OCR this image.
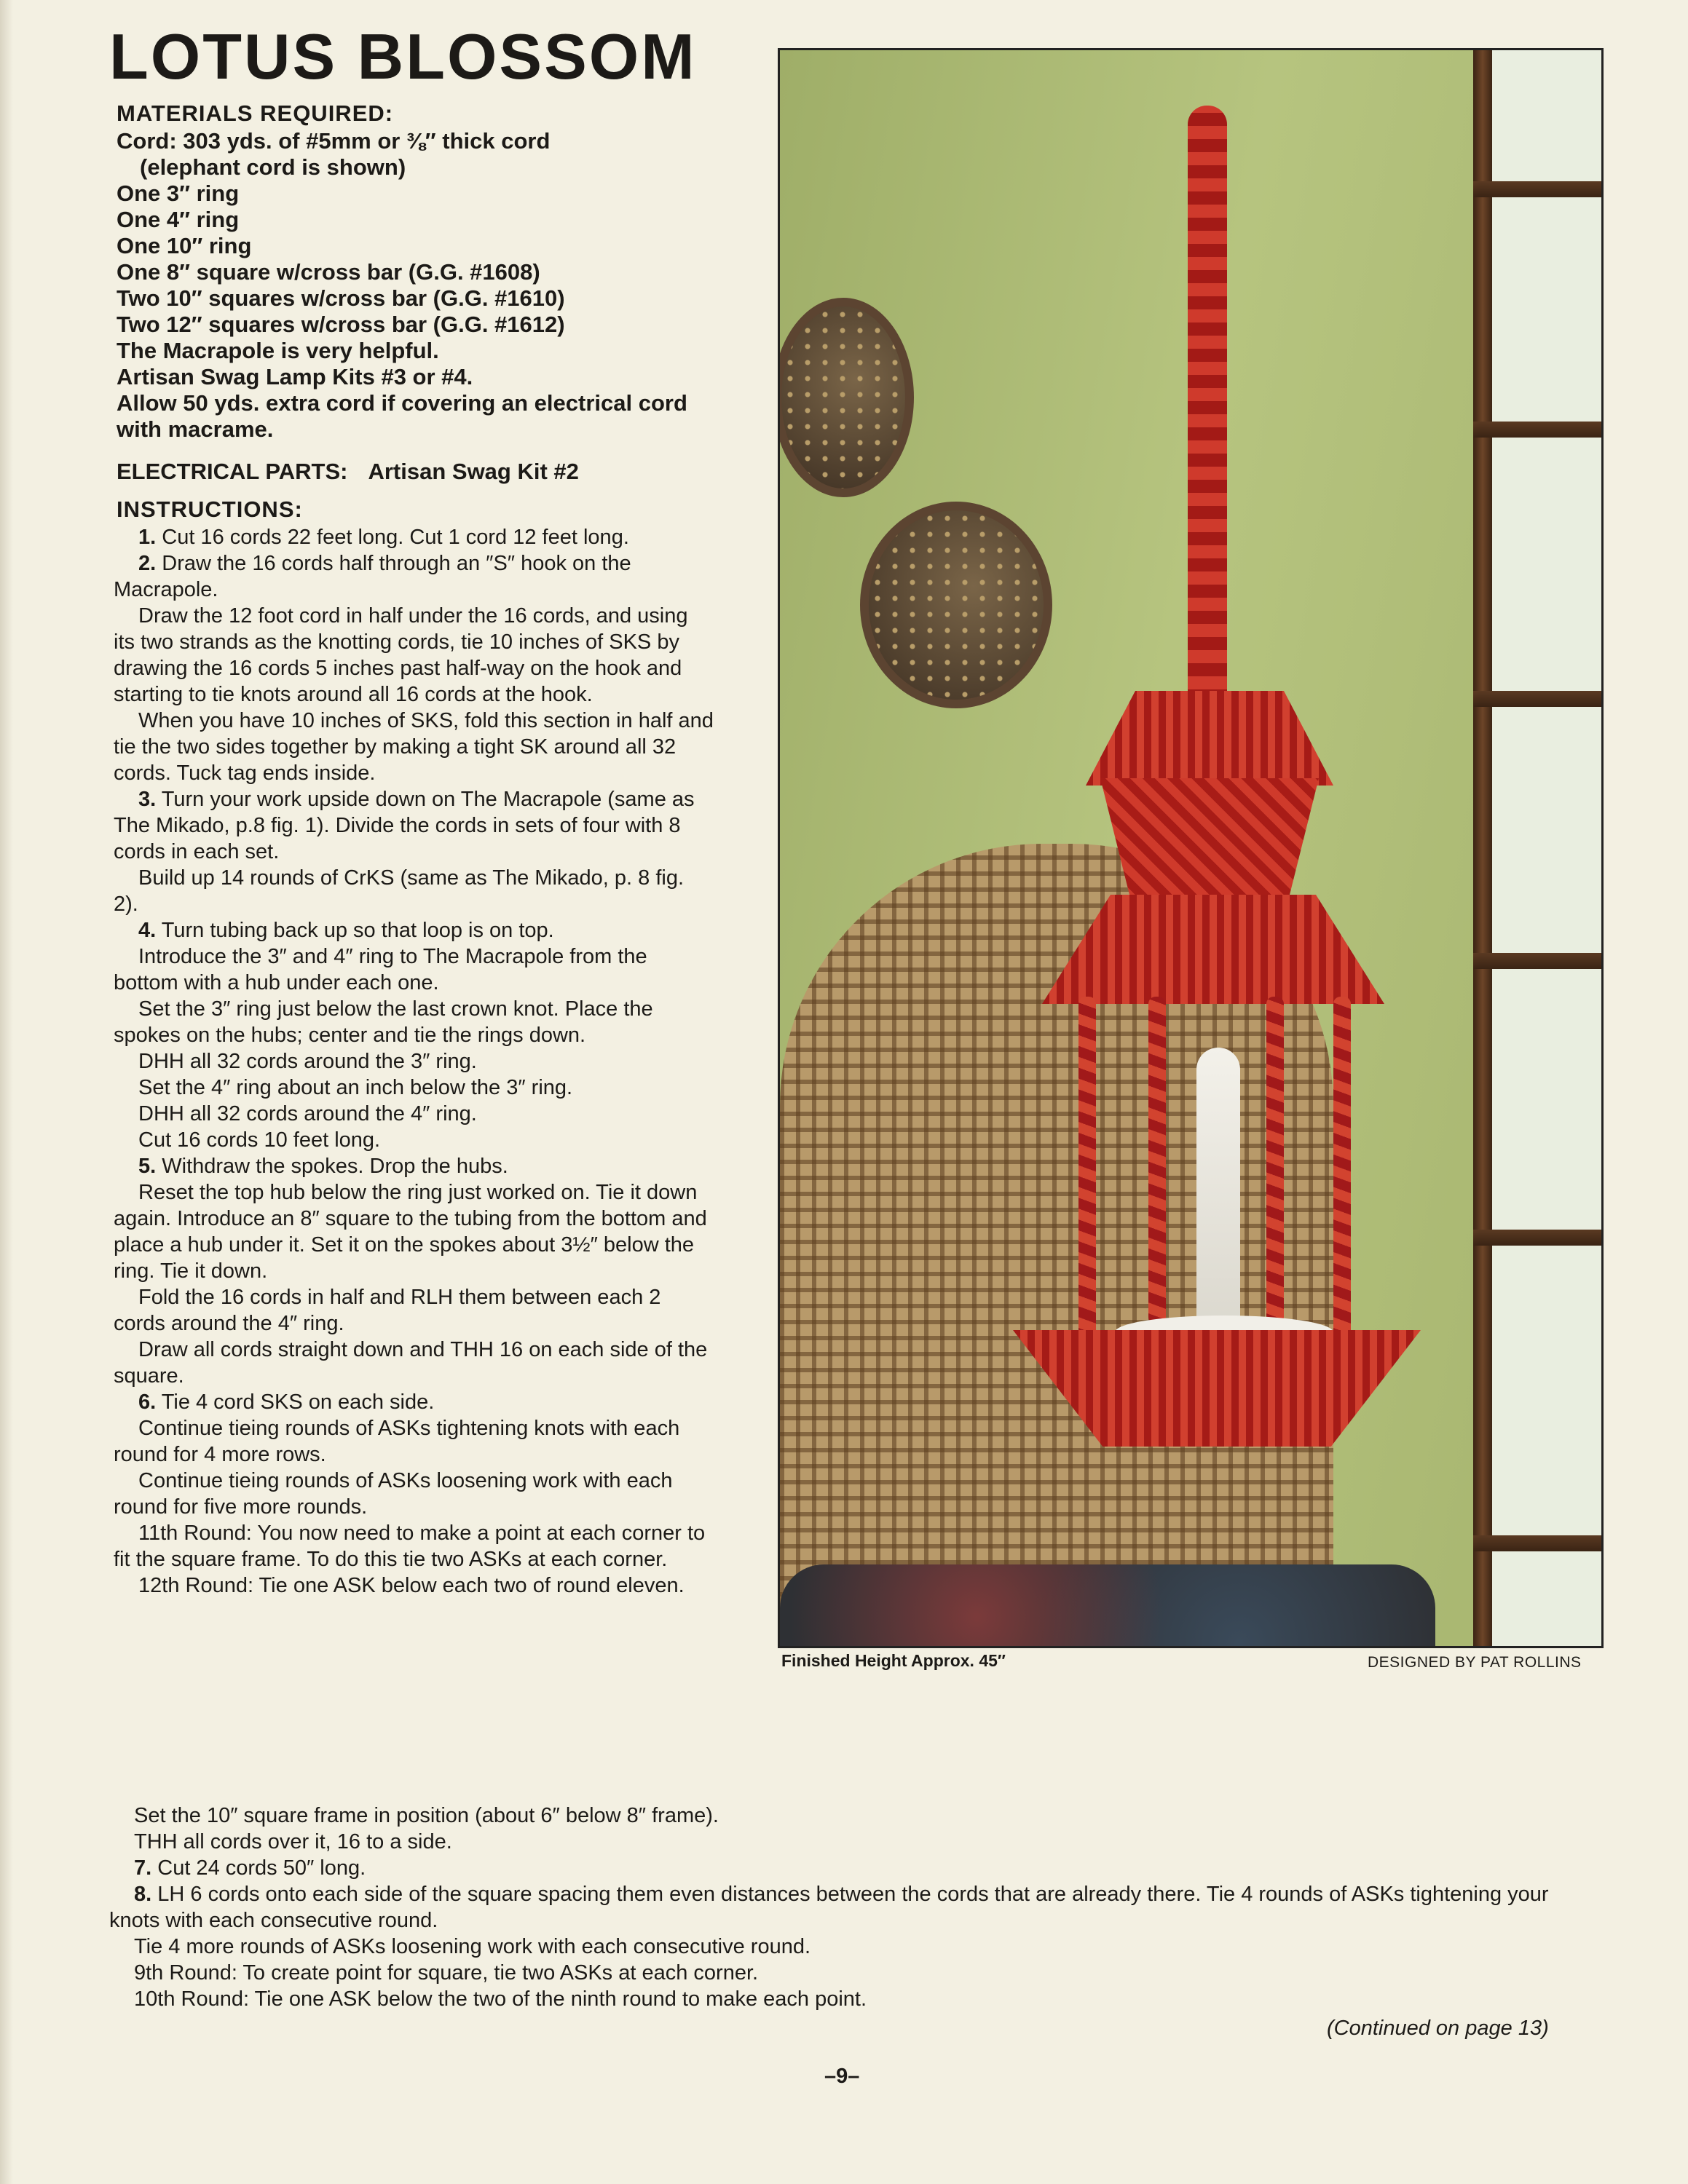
LOTUS BLOSSOM
MATERIALS REQUIRED:
Cord: 303 yds. of #5mm or ⅜″ thick cord
(elephant cord is shown)
One 3″ ring
One 4″ ring
One 10″ ring
One 8″ square w/cross bar (G.G. #1608)
Two 10″ squares w/cross bar (G.G. #1610)
Two 12″ squares w/cross bar (G.G. #1612)
The Macrapole is very helpful.
Artisan Swag Lamp Kits #3 or #4.
Allow 50 yds. extra cord if covering an electrical cord with macrame.
ELECTRICAL PARTS: Artisan Swag Kit #2
INSTRUCTIONS:

1. Cut 16 cords 22 feet long. Cut 1 cord 12 feet long.

2. Draw the 16 cords half through an ″S″ hook on the Macrapole.

Draw the 12 foot cord in half under the 16 cords, and using its two strands as the knotting cords, tie 10 inches of SKS by drawing the 16 cords 5 inches past half-way on the hook and starting to tie knots around all 16 cords at the hook.

When you have 10 inches of SKS, fold this section in half and tie the two sides together by making a tight SK around all 32 cords. Tuck tag ends inside.

3. Turn your work upside down on The Macrapole (same as The Mikado, p.8 fig. 1). Divide the cords in sets of four with 8 cords in each set.

Build up 14 rounds of CrKS (same as The Mikado, p. 8 fig. 2).

4. Turn tubing back up so that loop is on top.

Introduce the 3″ and 4″ ring to The Macrapole from the bottom with a hub under each one.

Set the 3″ ring just below the last crown knot. Place the spokes on the hubs; center and tie the rings down.

DHH all 32 cords around the 3″ ring.

Set the 4″ ring about an inch below the 3″ ring.

DHH all 32 cords around the 4″ ring.

Cut 16 cords 10 feet long.

5. Withdraw the spokes. Drop the hubs.

Reset the top hub below the ring just worked on. Tie it down again. Introduce an 8″ square to the tubing from the bottom and place a hub under it. Set it on the spokes about 3½″ below the ring. Tie it down.

Fold the 16 cords in half and RLH them between each 2 cords around the 4″ ring.

Draw all cords straight down and THH 16 on each side of the square.

6. Tie 4 cord SKS on each side.

Continue tieing rounds of ASKs tightening knots with each round for 4 more rows.

Continue tieing rounds of ASKs loosening work with each round for five more rounds.

11th Round: You now need to make a point at each corner to fit the square frame. To do this tie two ASKs at each corner.

12th Round: Tie one ASK below each two of round eleven.

Finished Height Approx. 45″	DESIGNED BY PAT ROLLINS

Set the 10″ square frame in position (about 6″ below 8″ frame).

THH all cords over it, 16 to a side.

7. Cut 24 cords 50″ long.

8. LH 6 cords onto each side of the square spacing them even distances between the cords that are already there. Tie 4 rounds of ASKs tightening your knots with each consecutive round.

Tie 4 more rounds of ASKs loosening work with each consecutive round.

9th Round: To create point for square, tie two ASKs at each corner.

10th Round: Tie one ASK below the two of the ninth round to make each point.

(Continued on page 13)
–9–
